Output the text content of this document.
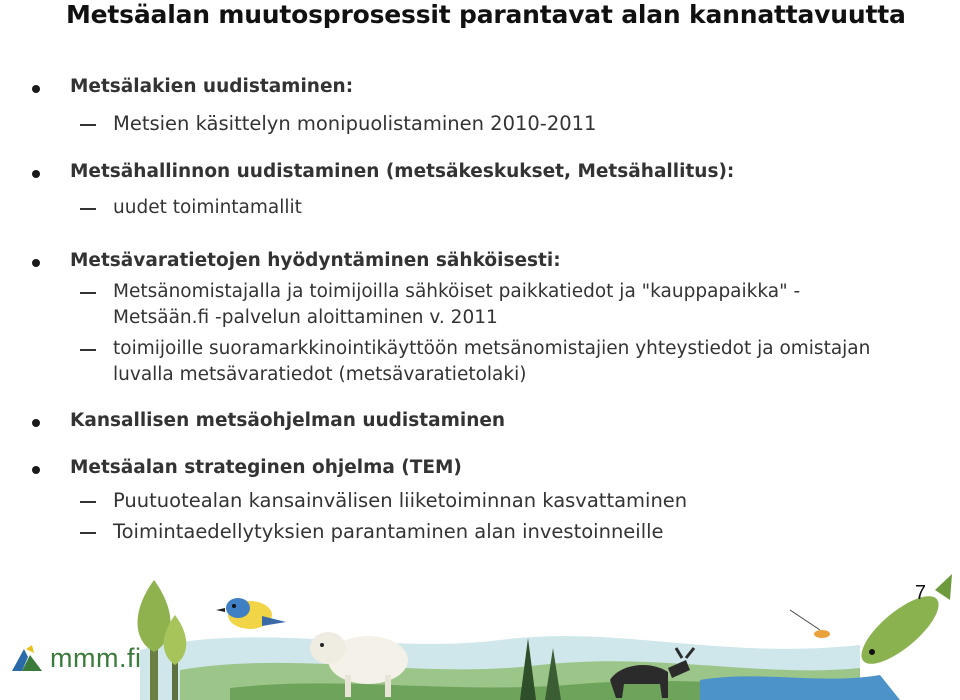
Metsäalan muutosprosessit parantavat alan kannattavuutta
Metsälakien uudistaminen:
Metsien käsittelyn monipuolistaminen 2010-2011
Metsähallinnon uudistaminen (metsäkeskukset, Metsähallitus):
uudet toimintamallit
Metsävaratietojen hyödyntäminen sähköisesti:
Metsänomistajalla ja toimijoilla sähköiset paikkatiedot ja "kauppapaikka" - Metsään.fi -palvelun aloittaminen v. 2011
toimijoille suoramarkkinointikäyttöön metsänomistajien yhteystiedot ja omistajan luvalla metsävaratiedot (metsävaratietolaki)
Kansallisen metsäohjelman uudistaminen
Metsäalan strateginen ohjelma (TEM)
Puutuotealan kansainvälisen liiketoiminnan kasvattaminen
Toimintaedellytyksien parantaminen alan investoinneille
7
mmm.fi
